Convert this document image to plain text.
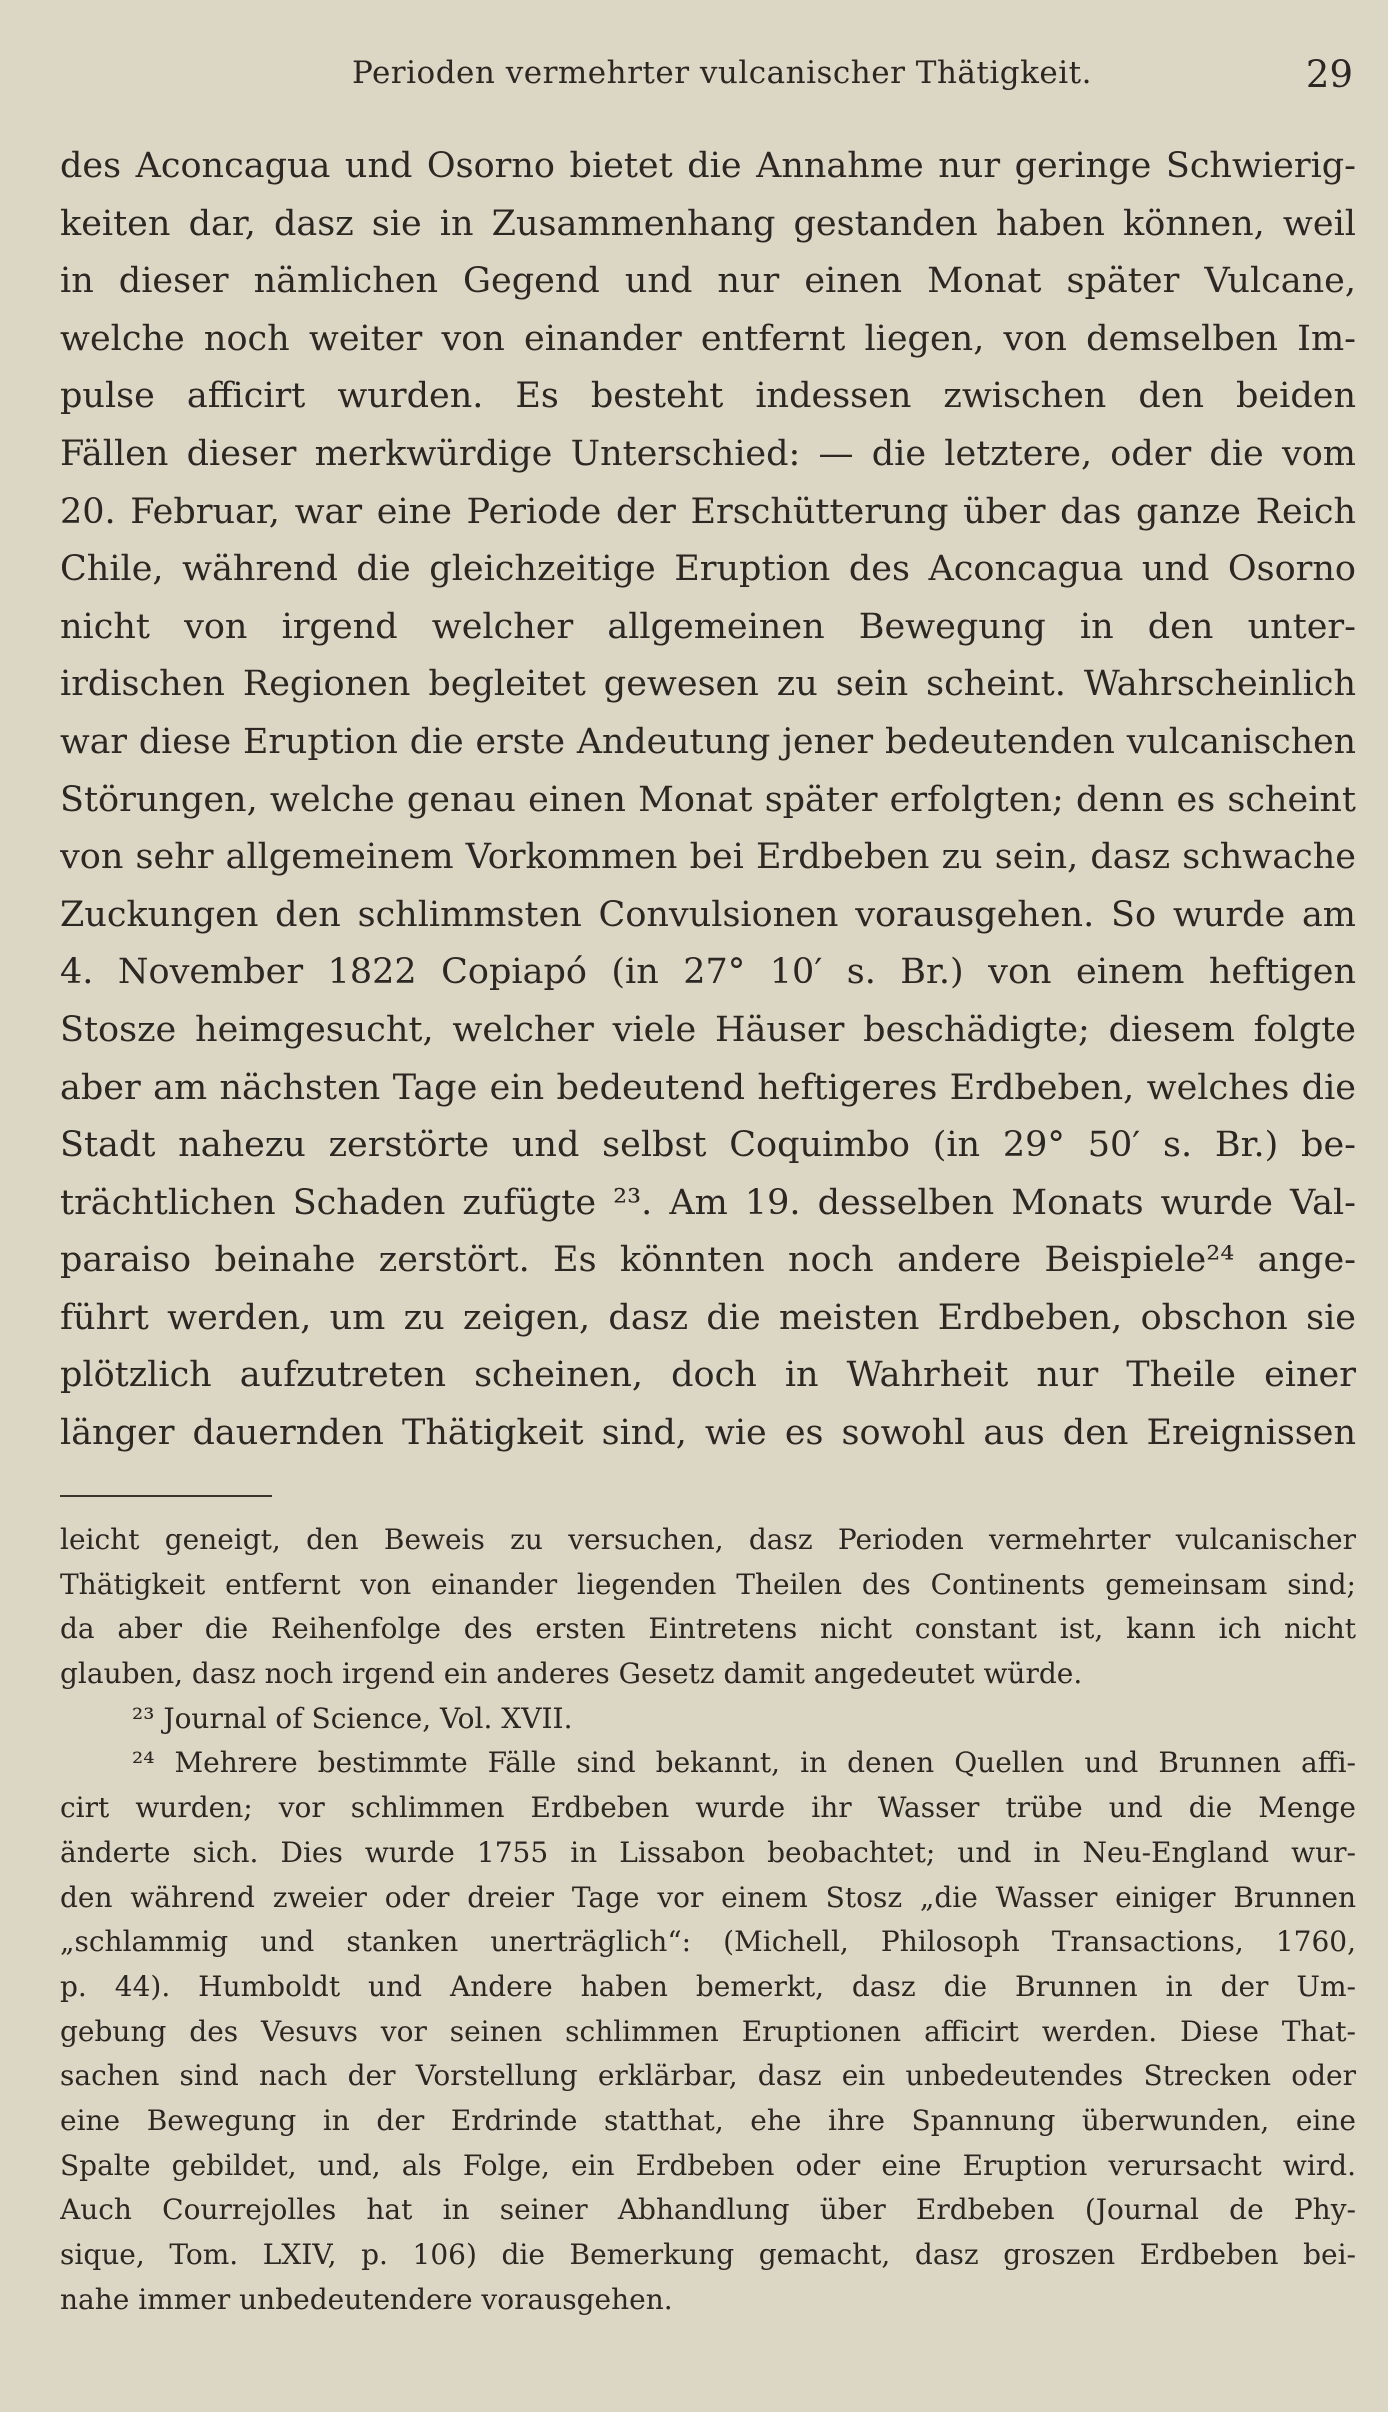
Perioden vermehrter vulcanischer Thätigkeit.	29
des Aconcagua und Osorno bietet die Annahme nur geringe Schwierig-
keiten dar, dasz sie in Zusammenhang gestanden haben können, weil
in dieser nämlichen Gegend und nur einen Monat später Vulcane,
welche noch weiter von einander entfernt liegen, von demselben Im-
pulse afficirt wurden. Es besteht indessen zwischen den beiden
Fällen dieser merkwürdige Unterschied: — die letztere, oder die vom
20. Februar, war eine Periode der Erschütterung über das ganze Reich
Chile, während die gleichzeitige Eruption des Aconcagua und Osorno
nicht von irgend welcher allgemeinen Bewegung in den unter-
irdischen Regionen begleitet gewesen zu sein scheint. Wahrscheinlich
war diese Eruption die erste Andeutung jener bedeutenden vulcanischen
Störungen, welche genau einen Monat später erfolgten; denn es scheint
von sehr allgemeinem Vorkommen bei Erdbeben zu sein, dasz schwache
Zuckungen den schlimmsten Convulsionen vorausgehen. So wurde am
4. November 1822 Copiapó (in 27° 10′ s. Br.) von einem heftigen
Stosze heimgesucht, welcher viele Häuser beschädigte; diesem folgte
aber am nächsten Tage ein bedeutend heftigeres Erdbeben, welches die
Stadt nahezu zerstörte und selbst Coquimbo (in 29° 50′ s. Br.) be-
trächtlichen Schaden zufügte ²³. Am 19. desselben Monats wurde Val-
paraiso beinahe zerstört. Es könnten noch andere Beispiele²⁴ ange-
führt werden, um zu zeigen, dasz die meisten Erdbeben, obschon sie
plötzlich aufzutreten scheinen, doch in Wahrheit nur Theile einer
länger dauernden Thätigkeit sind, wie es sowohl aus den Ereignissen
leicht geneigt, den Beweis zu versuchen, dasz Perioden vermehrter vulcanischer
Thätigkeit entfernt von einander liegenden Theilen des Continents gemeinsam sind;
da aber die Reihenfolge des ersten Eintretens nicht constant ist, kann ich nicht
glauben, dasz noch irgend ein anderes Gesetz damit angedeutet würde.
²³ Journal of Science, Vol. XVII.
²⁴ Mehrere bestimmte Fälle sind bekannt, in denen Quellen und Brunnen affi-
cirt wurden; vor schlimmen Erdbeben wurde ihr Wasser trübe und die Menge
änderte sich. Dies wurde 1755 in Lissabon beobachtet; und in Neu-England wur-
den während zweier oder dreier Tage vor einem Stosz „die Wasser einiger Brunnen
„schlammig und stanken unerträglich“: (Michell, Philosoph Transactions, 1760,
p. 44). Humboldt und Andere haben bemerkt, dasz die Brunnen in der Um-
gebung des Vesuvs vor seinen schlimmen Eruptionen afficirt werden. Diese That-
sachen sind nach der Vorstellung erklärbar, dasz ein unbedeutendes Strecken oder
eine Bewegung in der Erdrinde statthat, ehe ihre Spannung überwunden, eine
Spalte gebildet, und, als Folge, ein Erdbeben oder eine Eruption verursacht wird.
Auch Courrejolles hat in seiner Abhandlung über Erdbeben (Journal de Phy-
sique, Tom. LXIV, p. 106) die Bemerkung gemacht, dasz groszen Erdbeben bei-
nahe immer unbedeutendere vorausgehen.
